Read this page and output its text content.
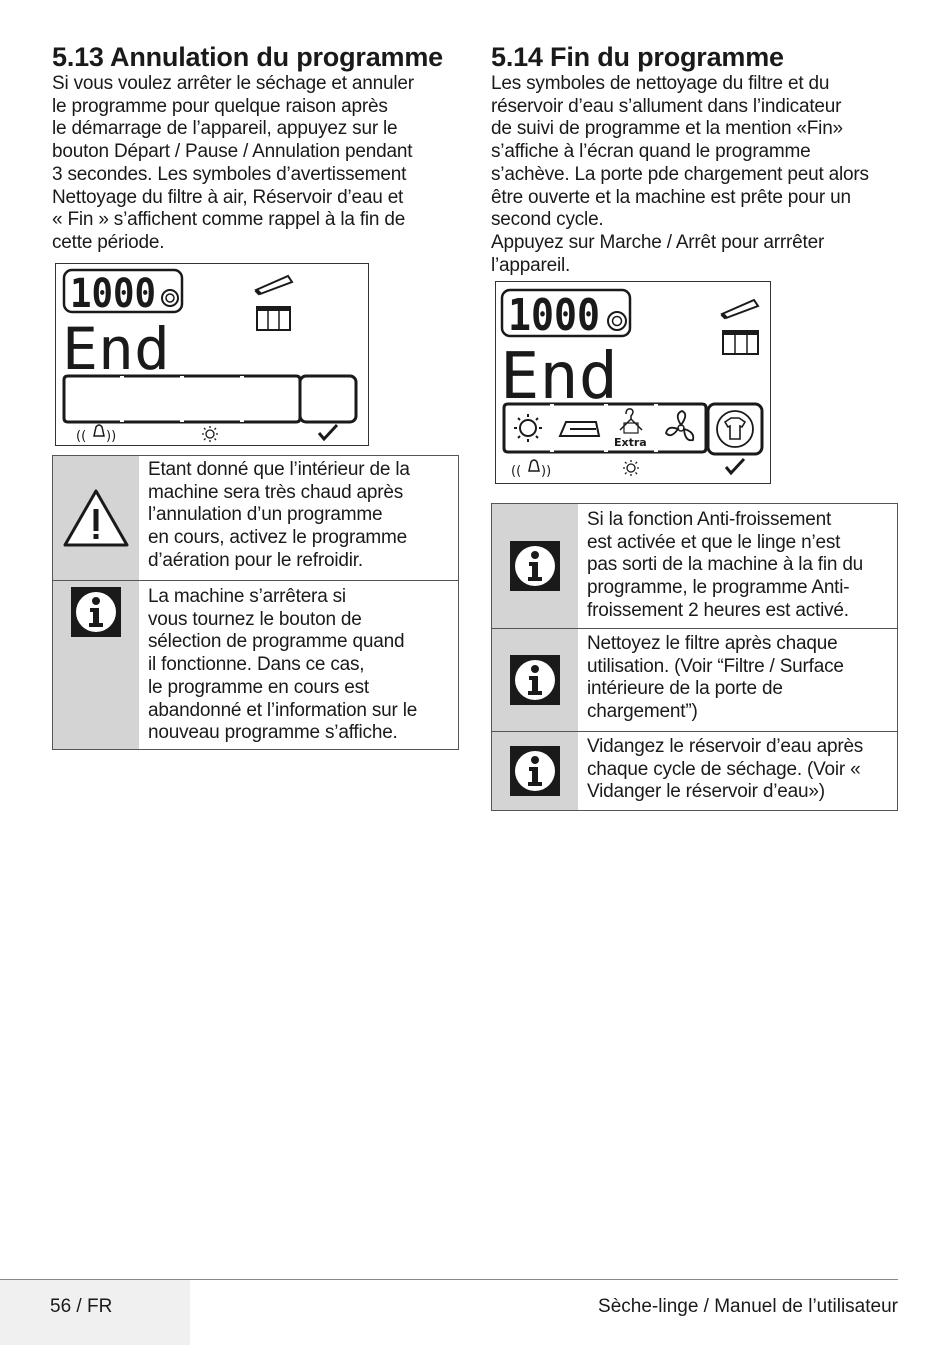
5.13 Annulation du programme
Si vous voulez arrêter le séchage et annuler
le programme pour quelque raison après
le démarrage de l’appareil, appuyez sur le
bouton Départ / Pause / Annulation pendant
3 secondes. Les symboles d’avertissement
Nettoyage du filtre à air, Réservoir d’eau et
« Fin » s’affichent comme rappel à la fin de
cette période.
1000
End
(( ))
Etant donné que l’intérieur de la
machine sera très chaud après
l’annulation d’un programme
en cours, activez le programme
d’aération pour le refroidir.
La machine s’arrêtera si
vous tournez le bouton de
sélection de programme quand
il fonctionne. Dans ce cas,
le programme en cours est
abandonné et l’information sur le
nouveau programme s’affiche.
5.14 Fin du programme
Les symboles de nettoyage du filtre et du
réservoir d’eau s’allument dans l’indicateur
de suivi de programme et la mention «Fin»
s’affiche à l’écran quand le programme
s’achève. La porte pde chargement peut alors
être ouverte et la machine est prête pour un
second cycle.
Appuyez sur Marche / Arrêt pour arrrêter
l’appareil.
1000
End
Extra
(( ))
Si la fonction Anti-froissement
est activée et que le linge n’est
pas sorti de la machine à la fin du
programme, le programme Anti-
froissement 2 heures est activé.
Nettoyez le filtre après chaque
utilisation. (Voir “Filtre / Surface
intérieure de la porte de
chargement”)
Vidangez le réservoir d’eau après
chaque cycle de séchage. (Voir «
Vidanger le réservoir d’eau»)
56 / FR	Sèche-linge / Manuel de l’utilisateur
